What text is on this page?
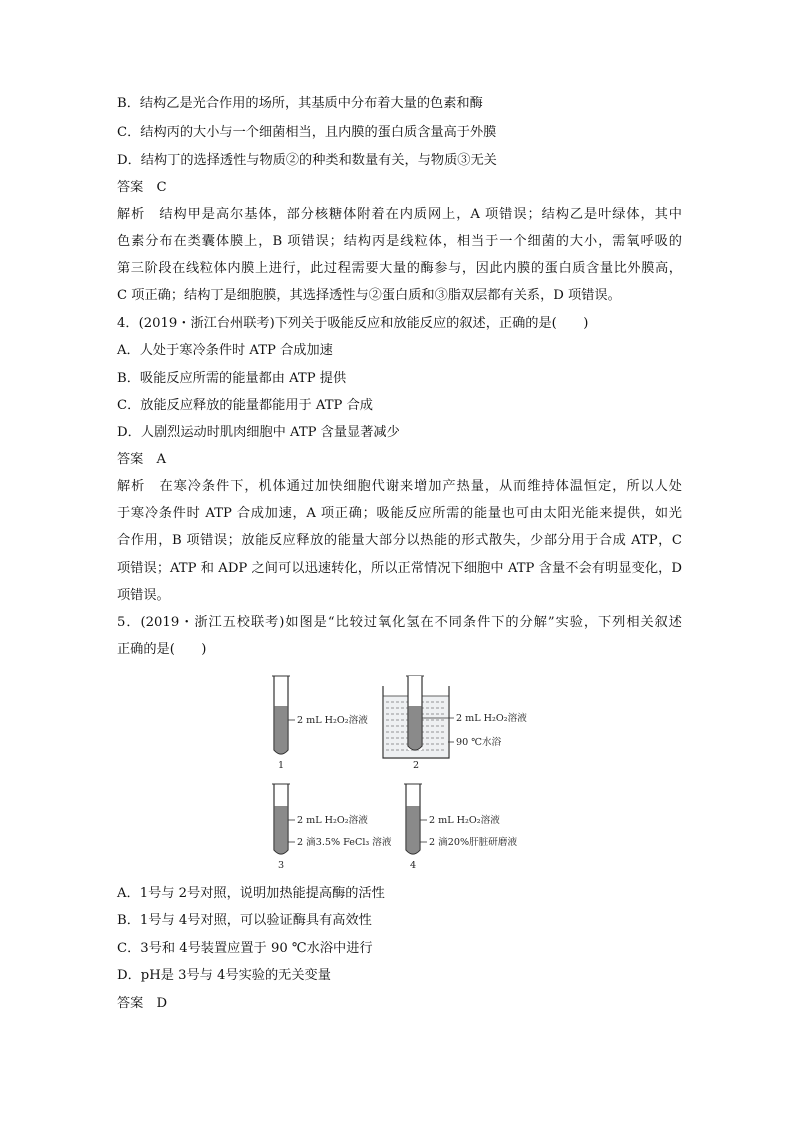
B．结构乙是光合作用的场所，其基质中分布着大量的色素和酶
C．结构丙的大小与一个细菌相当，且内膜的蛋白质含量高于外膜
D．结构丁的选择透性与物质②的种类和数量有关，与物质③无关
答案　C
解析　结构甲是高尔基体，部分核糖体附着在内质网上，A 项错误；结构乙是叶绿体，其中
色素分布在类囊体膜上，B 项错误；结构丙是线粒体，相当于一个细菌的大小，需氧呼吸的
第三阶段在线粒体内膜上进行，此过程需要大量的酶参与，因此内膜的蛋白质含量比外膜高，
C 项正确；结构丁是细胞膜，其选择透性与②蛋白质和③脂双层都有关系，D 项错误。
4．(2019・浙江台州联考)下列关于吸能反应和放能反应的叙述，正确的是(　　)
A．人处于寒冷条件时 ATP 合成加速
B．吸能反应所需的能量都由 ATP 提供
C．放能反应释放的能量都能用于 ATP 合成
D．人剧烈运动时肌肉细胞中 ATP 含量显著减少
答案　A
解析　在寒冷条件下，机体通过加快细胞代谢来增加产热量，从而维持体温恒定，所以人处
于寒冷条件时 ATP 合成加速，A 项正确；吸能反应所需的能量也可由太阳光能来提供，如光
合作用，B 项错误；放能反应释放的能量大部分以热能的形式散失，少部分用于合成 ATP，C
项错误；ATP 和 ADP 之间可以迅速转化，所以正常情况下细胞中 ATP 含量不会有明显变化，D
项错误。
5．(2019・浙江五校联考)如图是“比较过氧化氢在不同条件下的分解”实验，下列相关叙述
正确的是(　　)
2 mL H₂O₂溶液
1
2 mL H₂O₂溶液
90 ℃水浴
2
2 mL H₂O₂溶液
2 滴3.5% FeCl₃ 溶液
3
2 mL H₂O₂溶液
2 滴20%肝脏研磨液
4
A．1号与 2号对照，说明加热能提高酶的活性
B．1号与 4号对照，可以验证酶具有高效性
C．3号和 4号装置应置于 90 ℃水浴中进行
D．pH是 3号与 4号实验的无关变量
答案　D
